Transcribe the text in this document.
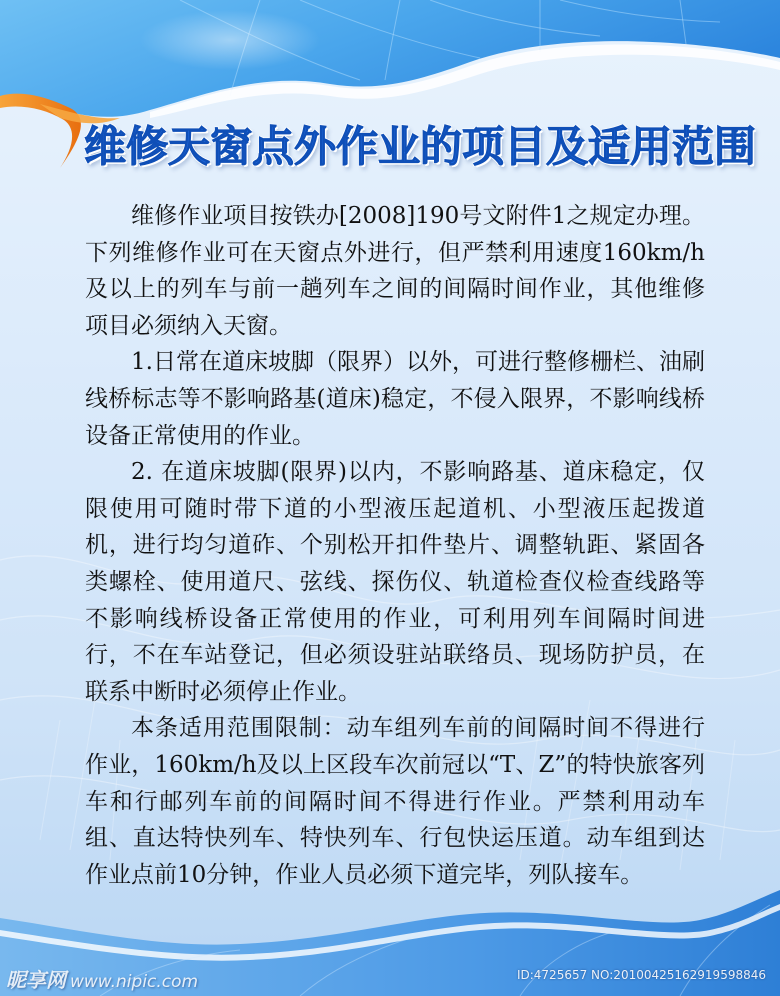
维修天窗点外作业的项目及适用范围

维修作业项目按铁办[2008]190号文附件1之规定办理。下列维修作业可在天窗点外进行，但严禁利用速度160km/h及以上的列车与前一趟列车之间的间隔时间作业，其他维修项目必须纳入天窗。

1.日常在道床坡脚（限界）以外，可进行整修栅栏、油刷线桥标志等不影响路基(道床)稳定，不侵入限界，不影响线桥设备正常使用的作业。

2. 在道床坡脚(限界)以内，不影响路基、道床稳定，仅限使用可随时带下道的小型液压起道机、小型液压起拨道机，进行均匀道砟、个别松开扣件垫片、调整轨距、紧固各类螺栓、使用道尺、弦线、探伤仪、轨道检查仪检查线路等不影响线桥设备正常使用的作业，可利用列车间隔时间进行，不在车站登记，但必须设驻站联络员、现场防护员，在联系中断时必须停止作业。

本条适用范围限制：动车组列车前的间隔时间不得进行作业，160km/h及以上区段车次前冠以“T、Z”的特快旅客列车和行邮列车前的间隔时间不得进行作业。严禁利用动车组、直达特快列车、特快列车、行包快运压道。动车组到达作业点前10分钟，作业人员必须下道完毕，列队接车。

昵享网 www.nipic.com	ID:4725657 NO:20100425162919598846
